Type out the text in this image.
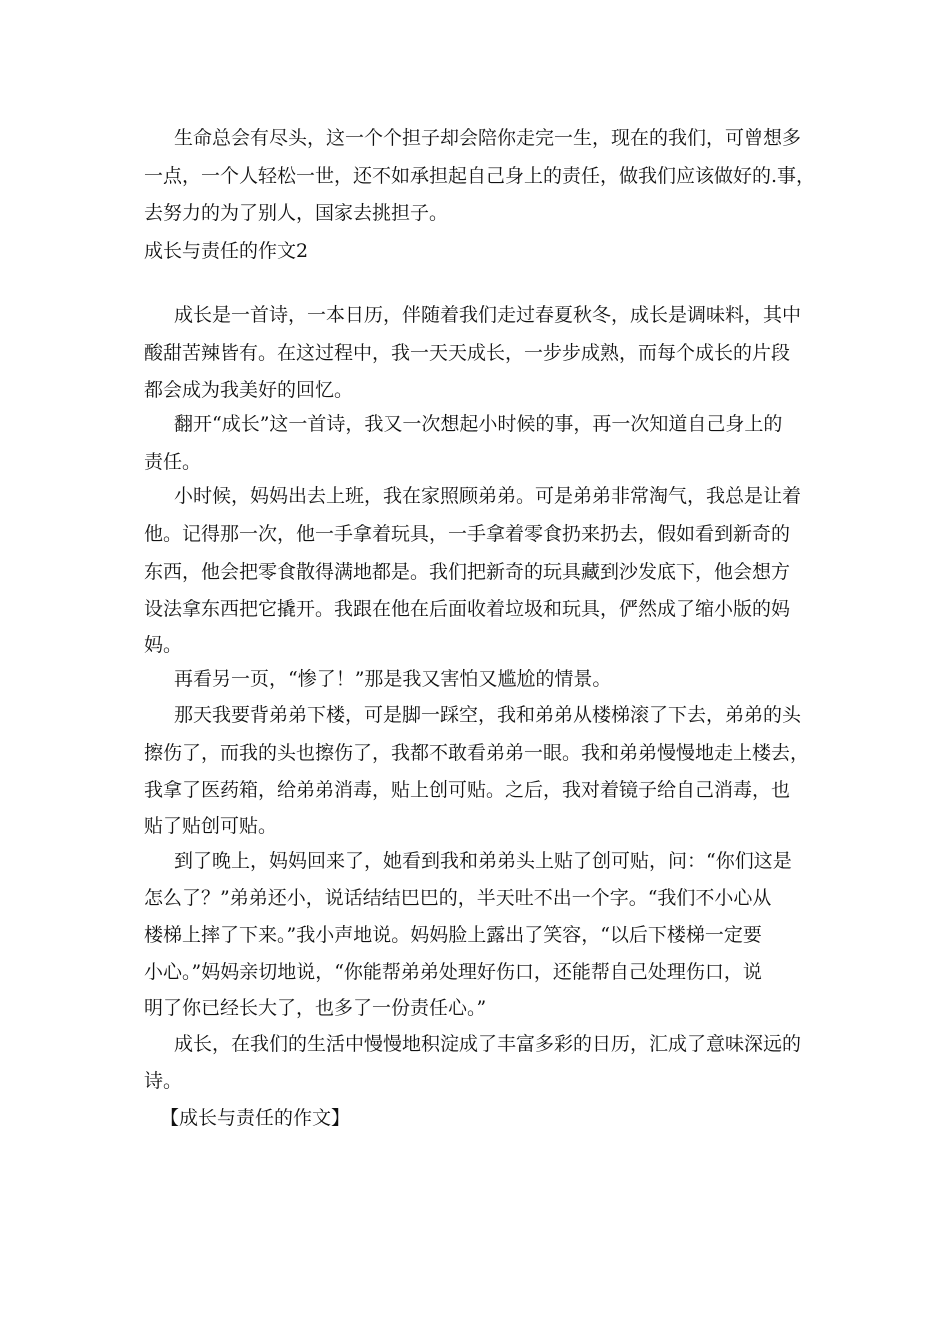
生命总会有尽头，这一个个担子却会陪你走完一生，现在的我们，可曾想多
一点，一个人轻松一世，还不如承担起自己身上的责任，做我们应该做好的.事，
去努力的为了别人，国家去挑担子。
成长与责任的作文2
成长是一首诗，一本日历，伴随着我们走过春夏秋冬，成长是调味料，其中
酸甜苦辣皆有。在这过程中，我一天天成长，一步步成熟，而每个成长的片段
都会成为我美好的回忆。
翻开“成长”这一首诗，我又一次想起小时候的事，再一次知道自己身上的
责任。
小时候，妈妈出去上班，我在家照顾弟弟。可是弟弟非常淘气，我总是让着
他。记得那一次，他一手拿着玩具，一手拿着零食扔来扔去，假如看到新奇的
东西，他会把零食散得满地都是。我们把新奇的玩具藏到沙发底下，他会想方
设法拿东西把它撬开。我跟在他在后面收着垃圾和玩具，俨然成了缩小版的妈
妈。
再看另一页，“惨了！”那是我又害怕又尴尬的情景。
那天我要背弟弟下楼，可是脚一踩空，我和弟弟从楼梯滚了下去，弟弟的头
擦伤了，而我的头也擦伤了，我都不敢看弟弟一眼。我和弟弟慢慢地走上楼去，
我拿了医药箱，给弟弟消毒，贴上创可贴。之后，我对着镜子给自己消毒，也
贴了贴创可贴。
到了晚上，妈妈回来了，她看到我和弟弟头上贴了创可贴，问：“你们这是
怎么了？”弟弟还小，说话结结巴巴的，半天吐不出一个字。“我们不小心从
楼梯上摔了下来。”我小声地说。妈妈脸上露出了笑容，“以后下楼梯一定要
小心。”妈妈亲切地说，“你能帮弟弟处理好伤口，还能帮自己处理伤口，说
明了你已经长大了，也多了一份责任心。”
成长，在我们的生活中慢慢地积淀成了丰富多彩的日历，汇成了意味深远的
诗。
【成长与责任的作文】
